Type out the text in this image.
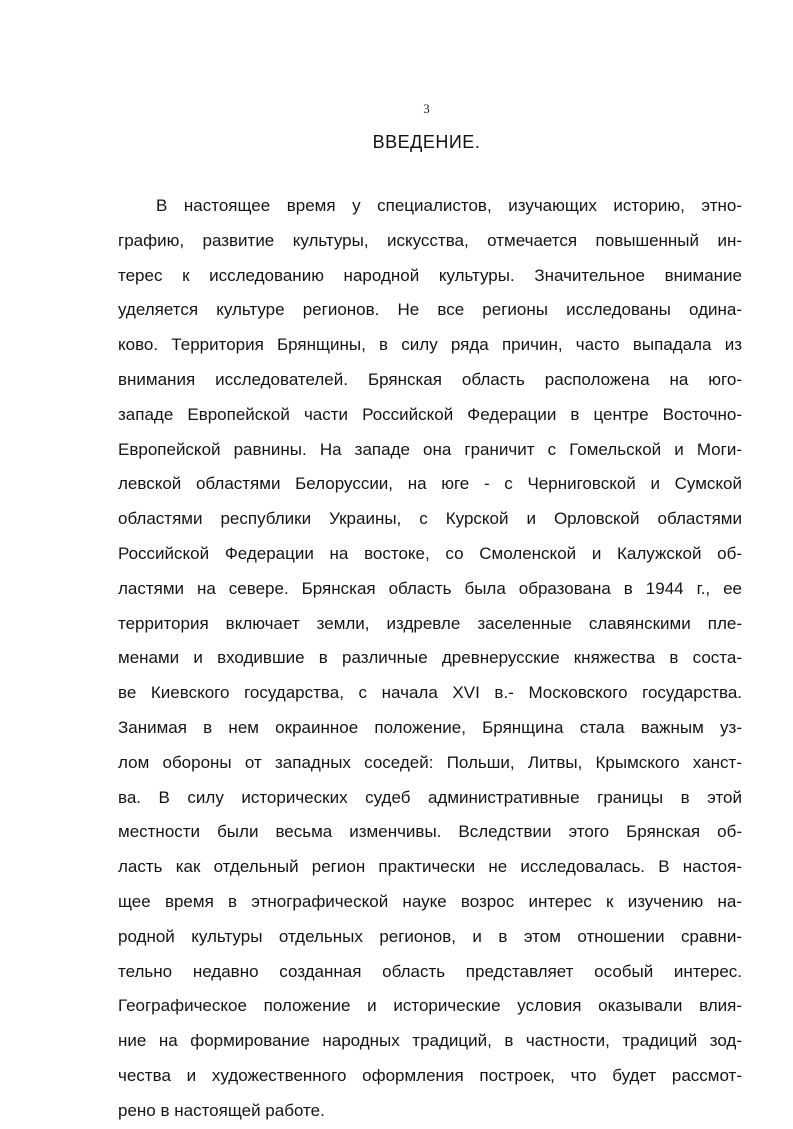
3
ВВЕДЕНИЕ.
В настоящее время у специалистов, изучающих историю, этно-
графию, развитие культуры, искусства, отмечается повышенный ин-
терес к исследованию народной культуры. Значительное внимание
уделяется культуре регионов. Не все регионы исследованы одина-
ково. Территория Брянщины, в силу ряда причин, часто выпадала из
внимания исследователей. Брянская область расположена на юго-
западе Европейской части Российской Федерации в центре Восточно-
Европейской равнины. На западе она граничит с Гомельской и Моги-
левской областями Белоруссии, на юге - с Черниговской и Сумской
областями республики Украины, с Курской и Орловской областями
Российской Федерации на востоке, со Смоленской и Калужской об-
ластями на севере. Брянская область была образована в 1944 г., ее
территория включает земли, издревле заселенные славянскими пле-
менами и входившие в различные древнерусские княжества в соста-
ве Киевского государства, с начала XVI в.- Московского государства.
Занимая в нем окраинное положение, Брянщина стала важным уз-
лом обороны от западных соседей: Польши, Литвы, Крымского ханст-
ва. В силу исторических судеб административные границы в этой
местности были весьма изменчивы. Вследствии этого Брянская об-
ласть как отдельный регион практически не исследовалась. В настоя-
щее время в этнографической науке возрос интерес к изучению на-
родной культуры отдельных регионов, и в этом отношении сравни-
тельно недавно созданная область представляет особый интерес.
Географическое положение и исторические условия оказывали влия-
ние на формирование народных традиций, в частности, традиций зод-
чества и художественного оформления построек, что будет рассмот-
рено в настоящей работе.
